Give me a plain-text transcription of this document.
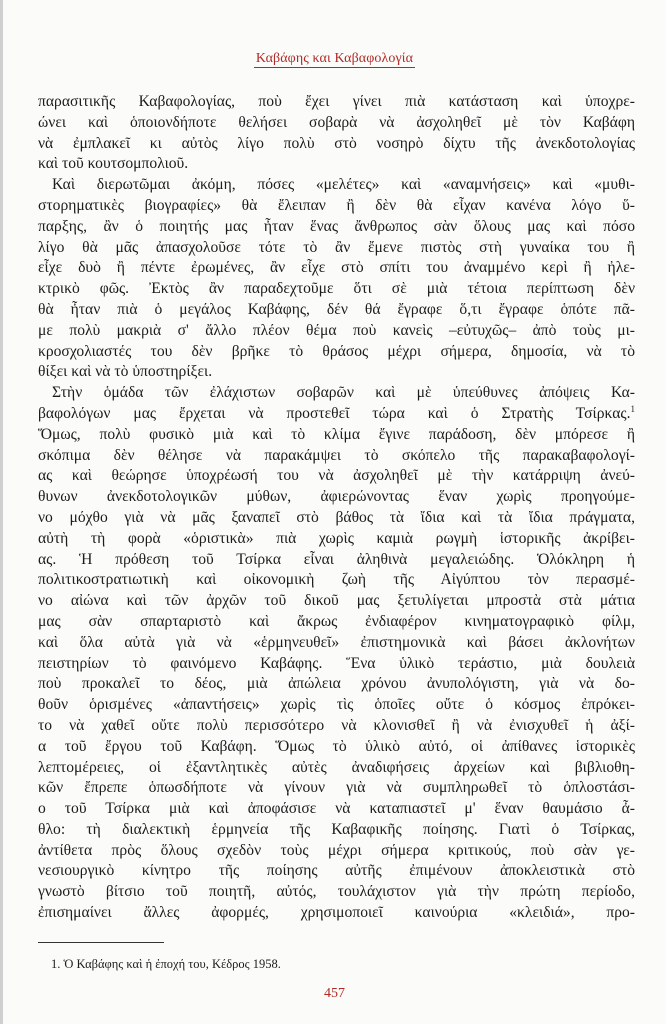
Καβάφης και Καβαφολογία
παρασιτικῆς Καβαφολογίας, ποὺ ἔχει γίνει πιὰ κατάσταση καὶ ὑποχρε-
ώνει καὶ ὁποιονδήποτε θελήσει σοβαρὰ νὰ ἀσχοληθεῖ μὲ τὸν Καβάφη
νὰ ἐμπλακεῖ κι αὐτὸς λίγο πολὺ στὸ νοσηρὸ δίχτυ τῆς ἀνεκδοτολογίας
καὶ τοῦ κουτσομπολιοῦ.
Καὶ διερωτῶμαι ἀκόμη, πόσες «μελέτες» καὶ «αναμνήσεις» καὶ «μυθι-
στορηματικὲς βιογραφίες» θὰ ἔλειπαν ἢ δὲν θὰ εἶχαν κανένα λόγο ὕ-
παρξης, ἂν ὁ ποιητής μας ἦταν ἕνας ἄνθρωπος σὰν ὅλους μας καὶ πόσο
λίγο θὰ μᾶς ἀπασχολοῦσε τότε τὸ ἂν ἔμενε πιστὸς στὴ γυναίκα του ἢ
εἶχε δυὸ ἢ πέντε ἐρωμένες, ἂν εἶχε στὸ σπίτι του ἀναμμένο κερὶ ἢ ἠλε-
κτρικὸ φῶς. Ἐκτὸς ἂν παραδεχτοῦμε ὅτι σὲ μιὰ τέτοια περίπτωση δὲν
θὰ ἦταν πιὰ ὁ μεγάλος Καβάφης, δέν θά ἔγραφε ὅ,τι ἔγραφε ὁπότε πᾶ-
με πολὺ μακριὰ σ' ἄλλο πλέον θέμα ποὺ κανεὶς –εὐτυχῶς– ἀπὸ τοὺς μι-
κροσχολιαστές του δὲν βρῆκε τὸ θράσος μέχρι σήμερα, δημοσία, νὰ τὸ
θίξει καὶ νὰ τὸ ὑποστηρίξει.
Στὴν ὁμάδα τῶν ἐλάχιστων σοβαρῶν καὶ μὲ ὑπεύθυνες ἀπόψεις Κα-
βαφολόγων μας ἔρχεται νὰ προστεθεῖ τώρα καὶ ὁ Στρατὴς Τσίρκας.$^1$
Ὅμως, πολὺ φυσικὸ μιὰ καὶ τὸ κλίμα ἔγινε παράδοση, δὲν μπόρεσε ἢ
σκόπιμα δὲν θέλησε νὰ παρακάμψει τὸ σκόπελο τῆς παρακαβαφολογί-
ας καὶ θεώρησε ὑποχρέωσή του νὰ ἀσχοληθεῖ μὲ τὴν κατάρριψη ἀνεύ-
θυνων ἀνεκδοτολογικῶν μύθων, ἀφιερώνοντας ἕναν χωρὶς προηγούμε-
νο μόχθο γιὰ νὰ μᾶς ξαναπεῖ στὸ βάθος τὰ ἴδια καὶ τὰ ἴδια πράγματα,
αὐτὴ τὴ φορὰ «ὁριστικὰ» πιὰ χωρὶς καμιὰ ρωγμὴ ἱστορικῆς ἀκρίβει-
ας. Ἡ πρόθεση τοῦ Τσίρκα εἶναι ἀληθινὰ μεγαλειώδης. Ὁλόκληρη ἡ
πολιτικοστρατιωτικὴ καὶ οἰκονομικὴ ζωὴ τῆς Αἰγύπτου τὸν περασμέ-
νο αἰώνα καὶ τῶν ἀρχῶν τοῦ δικοῦ μας ξετυλίγεται μπροστὰ στὰ μάτια
μας σὰν σπαρταριστὸ καὶ ἄκρως ἐνδιαφέρον κινηματογραφικὸ φίλμ,
καὶ ὅλα αὐτὰ γιὰ νὰ «ἑρμηνευθεῖ» ἐπιστημονικὰ καὶ βάσει ἀκλονήτων
πειστηρίων τὸ φαινόμενο Καβάφης. Ἕνα ὑλικὸ τεράστιο, μιὰ δουλειὰ
ποὺ προκαλεῖ το δέος, μιὰ ἀπώλεια χρόνου ἀνυπολόγιστη, γιὰ νὰ δο-
θοῦν ὁρισμένες «ἀπαντήσεις» χωρὶς τὶς ὁποῖες οὔτε ὁ κόσμος ἐπρόκει-
το νὰ χαθεῖ οὔτε πολὺ περισσότερο νὰ κλονισθεῖ ἢ νὰ ἐνισχυθεῖ ἡ ἀξί-
α τοῦ ἔργου τοῦ Καβάφη. Ὅμως τὸ ὑλικὸ αὐτό, οἱ ἀπίθανες ἱστορικὲς
λεπτομέρειες, οἱ ἐξαντλητικὲς αὐτὲς ἀναδιφήσεις ἀρχείων καὶ βιβλιοθη-
κῶν ἔπρεπε ὁπωσδήποτε νὰ γίνουν γιὰ νὰ συμπληρωθεῖ τὸ ὁπλοστάσι-
ο τοῦ Τσίρκα μιὰ καὶ ἀποφάσισε νὰ καταπιαστεῖ μ' ἕναν θαυμάσιο ἆ-
θλο: τὴ διαλεκτικὴ ἑρμηνεία τῆς Καβαφικῆς ποίησης. Γιατὶ ὁ Τσίρκας,
ἀντίθετα πρὸς ὅλους σχεδὸν τοὺς μέχρι σήμερα κριτικούς, ποὺ σὰν γε-
νεσιουργικὸ κίνητρο τῆς ποίησης αὐτῆς ἐπιμένουν ἀποκλειστικὰ στὸ
γνωστὸ βίτσιο τοῦ ποιητῆ, αὐτός, τουλάχιστον γιὰ τὴν πρώτη περίοδο,
ἐπισημαίνει ἄλλες ἀφορμές, χρησιμοποιεῖ καινούρια «κλειδιά», προ-
1. Ὁ Καβάφης καὶ ἡ ἐποχή του, Κέδρος 1958.
457
